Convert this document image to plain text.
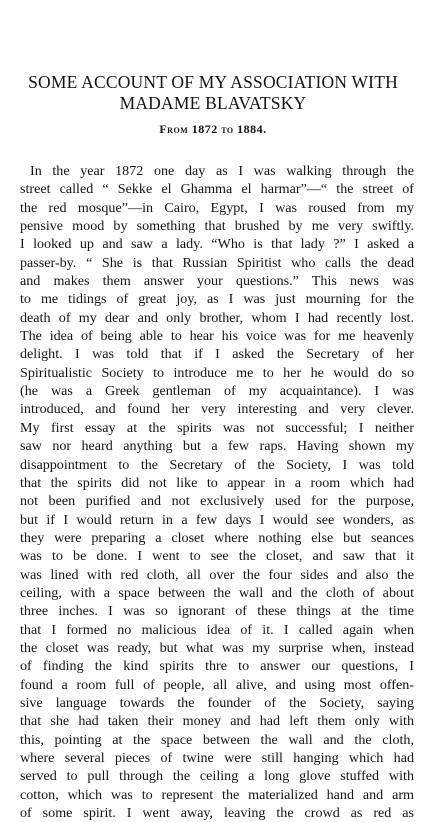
SOME ACCOUNT OF MY ASSOCIATION WITH
MADAME BLAVATSKY
From 1872 to 1884.
In the year 1872 one day as I was walking through the
street called “ Sekke el Ghamma el harmar”—“ the street of
the red mosque”—in Cairo, Egypt, I was roused from my
pensive mood by something that brushed by me very swiftly.
I looked up and saw a lady. “Who is that lady ?” I asked a
passer-by. “ She is that Russian Spiritist who calls the dead
and makes them answer your questions.” This news was
to me tidings of great joy, as I was just mourning for the
death of my dear and only brother, whom I had recently lost.
The idea of being able to hear his voice was for me heavenly
delight. I was told that if I asked the Secretary of her
Spiritualistic Society to introduce me to her he would do so
(he was a Greek gentleman of my acquaintance). I was
introduced, and found her very interesting and very clever.
My first essay at the spirits was not successful; I neither
saw nor heard anything but a few raps. Having shown my
disappointment to the Secretary of the Society, I was told
that the spirits did not like to appear in a room which had
not been purified and not exclusively used for the purpose,
but if I would return in a few days I would see wonders, as
they were preparing a closet where nothing else but seances
was to be done. I went to see the closet, and saw that it
was lined with red cloth, all over the four sides and also the
ceiling, with a space between the wall and the cloth of about
three inches. I was so ignorant of these things at the time
that I formed no malicious idea of it. I called again when
the closet was ready, but what was my surprise when, instead
of finding the kind spirits thre to answer our questions, I
found a room full of people, all alive, and using most offen-
sive language towards the founder of the Society, saying
that she had taken their money and had left them only with
this, pointing at the space between the wall and the cloth,
where several pieces of twine were still hanging which had
served to pull through the ceiling a long glove stuffed with
cotton, which was to represent the materialized hand and arm
of some spirit. I went away, leaving the crowd as red as
